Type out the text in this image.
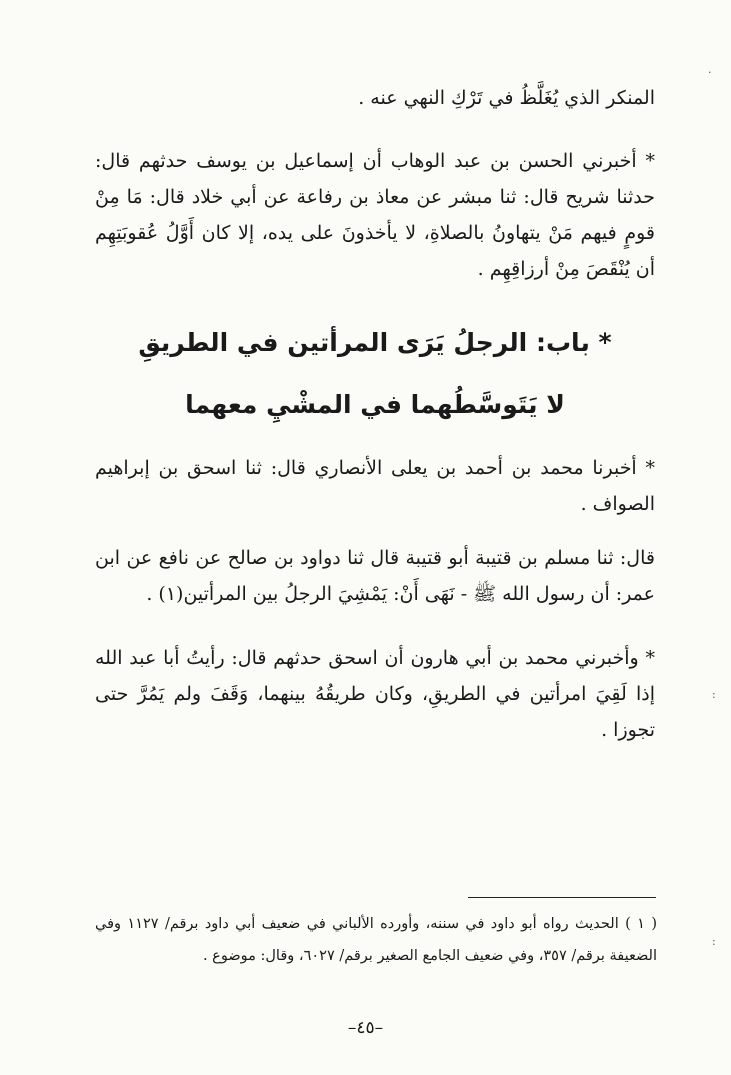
المنكر الذي يُغَلَّظُ في تَرْكِ النهي عنه .
* أخبرني الحسن بن عبد الوهاب أن إسماعيل بن يوسف حدثهم قال: حدثنا شريح قال: ثنا مبشر عن معاذ بن رفاعة عن أبي خلاد قال: مَا مِنْ قومٍ فيهم مَنْ يتهاونُ بالصلاةِ، لا يأخذونَ على يده، إلا كان أَوَّلُ عُقوبَتِهِم أن يُنْقَصَ مِنْ أرزاقِهِم .
* باب: الرجلُ يَرَى المرأتين في الطريقِ
لا يَتَوسَّطُهما في المشْيِ معهما
* أخبرنا محمد بن أحمد بن يعلى الأنصاري قال: ثنا اسحق بن إبراهيم الصواف .
قال: ثنا مسلم بن قتيبة أبو قتيبة قال ثنا دواود بن صالح عن نافع عن ابن عمر: أن رسول الله ﷺ - نَهَى أَنْ: يَمْشِيَ الرجلُ بين المرأتين(١) .
* وأخبرني محمد بن أبي هارون أن اسحق حدثهم قال: رأيتُ أبا عبد الله إذا لَقِيَ امرأتين في الطريقِ، وكان طريقُهُ بينهما، وَقَفَ ولم يَمُرَّ حتى تجوزا .
( ١ ) الحديث رواه أبو داود في سننه، وأورده الألباني في ضعيف أبي داود برقم/ ١١٢٧ وفي الضعيفة برقم/ ٣٥٧، وفي ضعيف الجامع الصغير برقم/ ٦٠٢٧، وقال: موضوع .
–٤٥–
·
:
:
